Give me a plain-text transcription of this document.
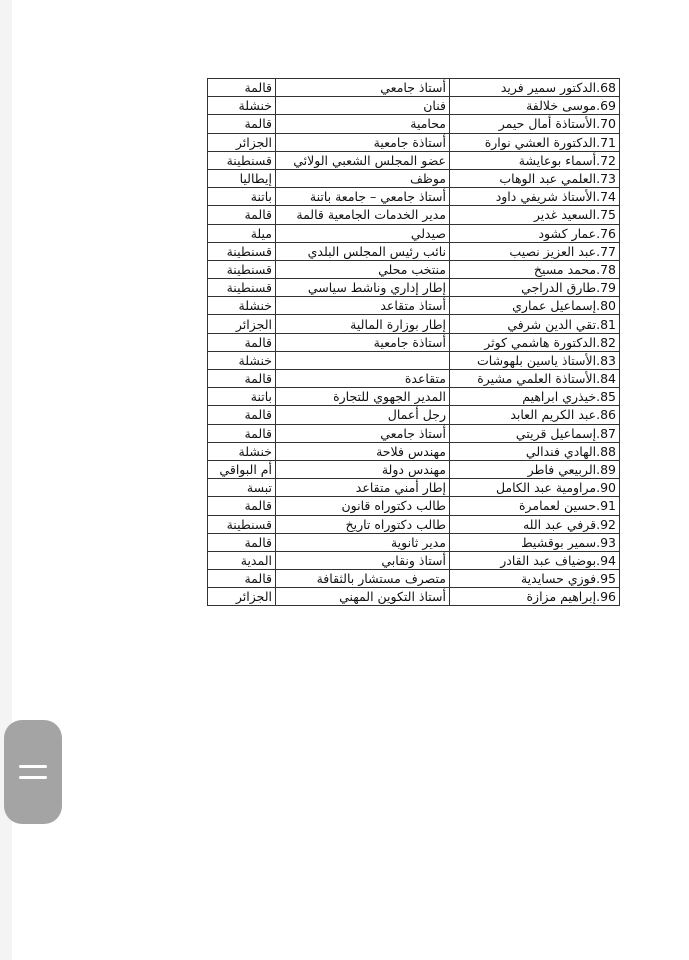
68.الدكتور سمير فريد	أستاذ جامعي	قالمة
69.موسى خلالفة	فنان	خنشلة
70.الأستاذة أمال حيمر	محامية	قالمة
71.الدكتورة العشي نوارة	أستاذة جامعية	الجزائر
72.أسماء بوعايشة	عضو المجلس الشعبي الولائي	قسنطينة
73.العلمي عبد الوهاب	موظف	إيطاليا
74.الأستاذ شريفي داود	أستاذ جامعي – جامعة باتنة	باتنة
75.السعيد غدير	مدير الخدمات الجامعية قالمة	قالمة
76.عمار كشود	صيدلي	ميلة
77.عبد العزيز نصيب	نائب رئيس المجلس البلدي	قسنطينة
78.محمد مسيخ	منتخب محلي	قسنطينة
79.طارق الدراجي	إطار إداري وناشط سياسي	قسنطينة
80.إسماعيل عماري	أستاذ متقاعد	خنشلة
81.تقي الدين شرفي	إطار بوزارة المالية	الجزائر
82.الدكتورة هاشمي كوثر	أستاذة جامعية	قالمة
83.الأستاذ ياسين بلهوشات		خنشلة
84.الأستاذة العلمي مشيرة	متقاعدة	قالمة
85.خيذري ابراهيم	المدير الجهوي للتجارة	باتنة
86.عبد الكريم العابد	رجل أعمال	قالمة
87.إسماعيل قريتي	أستاذ جامعي	قالمة
88.الهادي فندالي	مهندس فلاحة	خنشلة
89.الربيعي فاطر	مهندس دولة	أم البواقي
90.مراومية عبد الكامل	إطار أمني متقاعد	تبسة
91.حسين لعمامرة	طالب دكتوراه قانون	قالمة
92.قرفي عبد الله	طالب دكتوراه تاريخ	قسنطينة
93.سمير بوقشيط	مدير ثانوية	قالمة
94.بوضياف عبد القادر	أستاذ ونقابي	المدية
95.فوزي حسايدية	متصرف مستشار بالثقافة	قالمة
96.إبراهيم مزازة	أستاذ التكوين المهني	الجزائر
